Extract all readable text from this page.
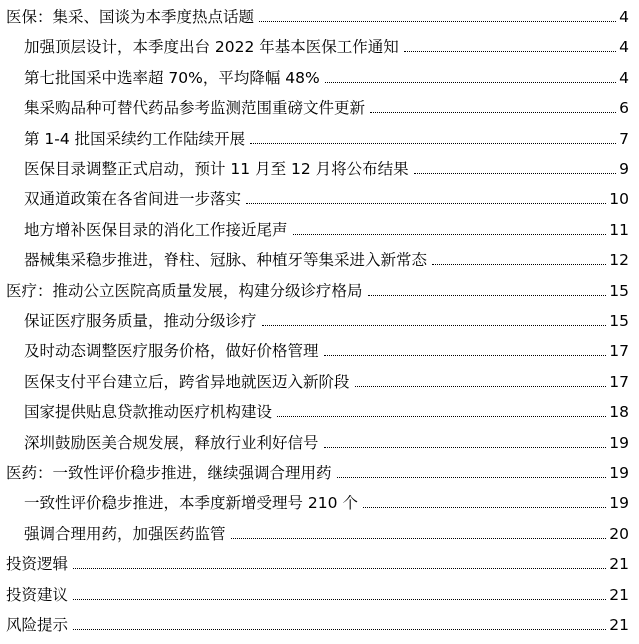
医保：集采、国谈为本季度热点话题	4
加强顶层设计，本季度出台 2022 年基本医保工作通知	4
第七批国采中选率超 70%，平均降幅 48%	4
集采购品种可替代药品参考监测范围重磅文件更新	6
第 1-4 批国采续约工作陆续开展	7
医保目录调整正式启动，预计 11 月至 12 月将公布结果	9
双通道政策在各省间进一步落实	10
地方增补医保目录的消化工作接近尾声	11
器械集采稳步推进，脊柱、冠脉、种植牙等集采进入新常态	12
医疗：推动公立医院高质量发展，构建分级诊疗格局	15
保证医疗服务质量，推动分级诊疗	15
及时动态调整医疗服务价格，做好价格管理	17
医保支付平台建立后，跨省异地就医迈入新阶段	17
国家提供贴息贷款推动医疗机构建设	18
深圳鼓励医美合规发展，释放行业利好信号	19
医药：一致性评价稳步推进，继续强调合理用药	19
一致性评价稳步推进，本季度新增受理号 210 个	19
强调合理用药，加强医药监管	20
投资逻辑	21
投资建议	21
风险提示	21
